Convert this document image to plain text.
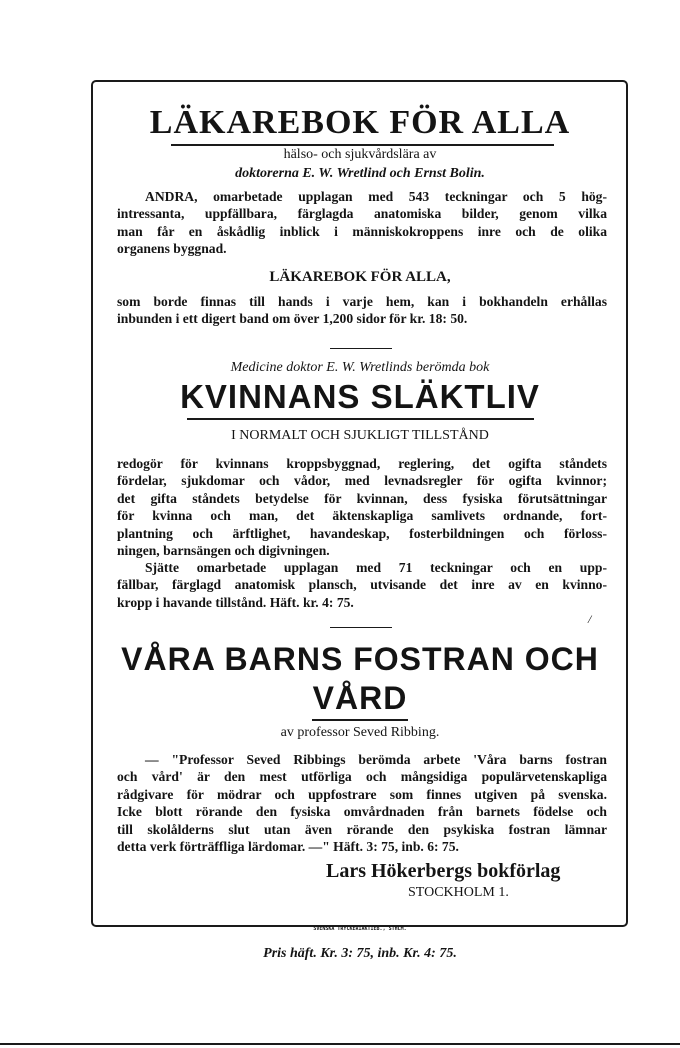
LÄKAREBOK FÖR ALLA
hälso- och sjukvårdslära av
doktorerna E. W. Wretlind och Ernst Bolin.
ANDRA, omarbetade upplagan med 543 teckningar och 5 hög-
intressanta, uppfällbara, färglagda anatomiska bilder, genom vilka
man får en åskådlig inblick i människokroppens inre och de olika
organens byggnad.
LÄKAREBOK FÖR ALLA,
som borde finnas till hands i varje hem, kan i bokhandeln erhållas
inbunden i ett digert band om över 1,200 sidor för kr. 18: 50.
Medicine doktor E. W. Wretlinds berömda bok
KVINNANS SLÄKTLIV
I NORMALT OCH SJUKLIGT TILLSTÅND
redogör för kvinnans kroppsbyggnad, reglering, det ogifta ståndets
fördelar, sjukdomar och vådor, med levnadsregler för ogifta kvinnor;
det gifta ståndets betydelse för kvinnan, dess fysiska förutsättningar
för kvinna och man, det äktenskapliga samlivets ordnande, fort-
plantning och ärftlighet, havandeskap, fosterbildningen och förloss-
ningen, barnsängen och digivningen.
Sjätte omarbetade upplagan med 71 teckningar och en upp-
fällbar, färglagd anatomisk plansch, utvisande det inre av en kvinno-
kropp i havande tillstånd. Häft. kr. 4: 75.
/
VÅRA BARNS FOSTRAN OCH
VÅRD
av professor Seved Ribbing.
— "Professor Seved Ribbings berömda arbete 'Våra barns fostran
och vård' är den mest utförliga och mångsidiga populärvetenskapliga
rådgivare för mödrar och uppfostrare som finnes utgiven på svenska.
Icke blott rörande den fysiska omvårdnaden från barnets födelse och
till skolålderns slut utan även rörande den psykiska fostran lämnar
detta verk förträffliga lärdomar. —" Häft. 3: 75, inb. 6: 75.
Lars Hökerbergs bokförlag
STOCKHOLM 1.
SVENSKA TRYCKERIAKTIEB., STHLM.
Pris häft. Kr. 3: 75, inb. Kr. 4: 75.
